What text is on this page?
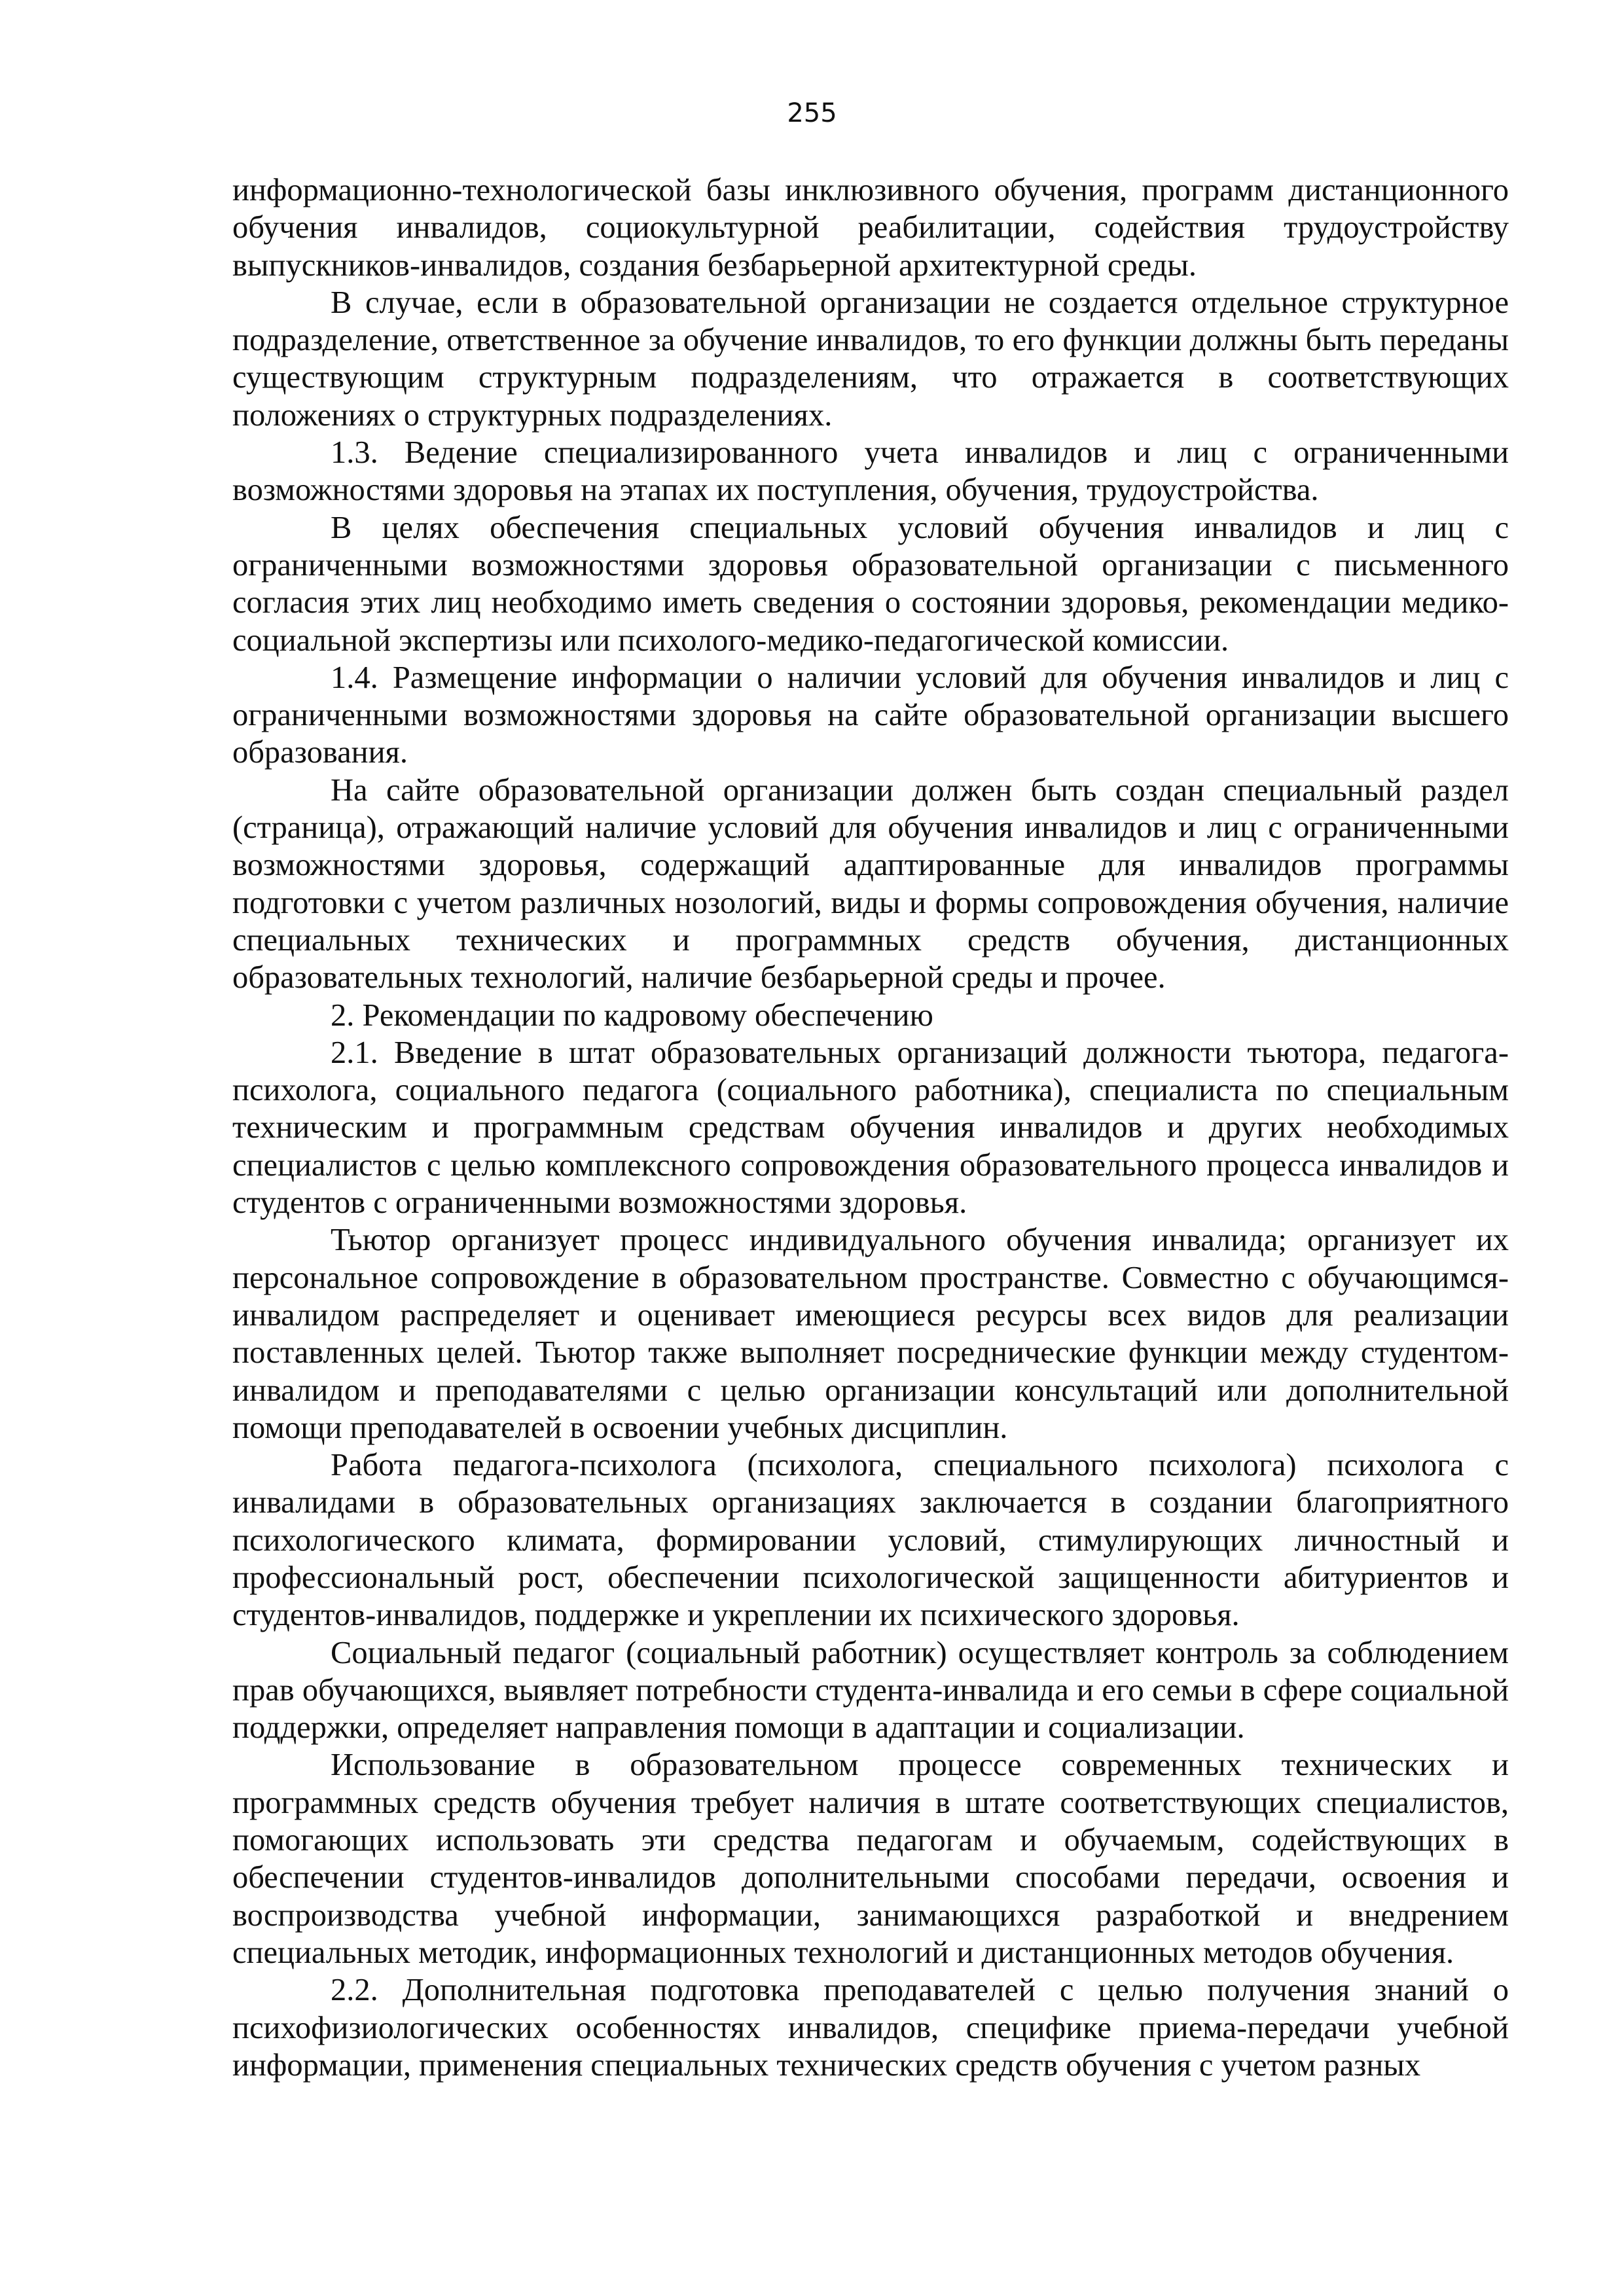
255

информационно-технологической базы инклюзивного обучения, программ дистанционного обучения инвалидов, социокультурной реабилитации, содействия трудоустройству выпускников-инвалидов, создания безбарьерной архитектурной среды.

В случае, если в образовательной организации не создается отдельное структурное подразделение, ответственное за обучение инвалидов, то его функции должны быть переданы существующим структурным подразделениям, что отражается в соответствующих положениях о структурных подразделениях.

1.3. Ведение специализированного учета инвалидов и лиц с ограниченными возможностями здоровья на этапах их поступления, обучения, трудоустройства.

В целях обеспечения специальных условий обучения инвалидов и лиц с ограниченными возможностями здоровья образовательной организации с письменного согласия этих лиц необходимо иметь сведения о состоянии здоровья, рекомендации медико-социальной экспертизы или психолого-медико-педагогической комиссии.

1.4. Размещение информации о наличии условий для обучения инвалидов и лиц с ограниченными возможностями здоровья на сайте образовательной организации высшего образования.

На сайте образовательной организации должен быть создан специальный раздел (страница), отражающий наличие условий для обучения инвалидов и лиц с ограниченными возможностями здоровья, содержащий адаптированные для инвалидов программы подготовки с учетом различных нозологий, виды и формы сопровождения обучения, наличие специальных технических и программных средств обучения, дистанционных образовательных технологий, наличие безбарьерной среды и прочее.

2. Рекомендации по кадровому обеспечению

2.1. Введение в штат образовательных организаций должности тьютора, педагога-психолога, социального педагога (социального работника), специалиста по специальным техническим и программным средствам обучения инвалидов и других необходимых специалистов с целью комплексного сопровождения образовательного процесса инвалидов и студентов с ограниченными возможностями здоровья.

Тьютор организует процесс индивидуального обучения инвалида; организует их персональное сопровождение в образовательном пространстве. Совместно с обучающимся-инвалидом распределяет и оценивает имеющиеся ресурсы всех видов для реализации поставленных целей. Тьютор также выполняет посреднические функции между студентом-инвалидом и преподавателями с целью организации консультаций или дополнительной помощи преподавателей в освоении учебных дисциплин.

Работа педагога-психолога (психолога, специального психолога) психолога с инвалидами в образовательных организациях заключается в создании благоприятного психологического климата, формировании условий, стимулирующих личностный и профессиональный рост, обеспечении психологической защищенности абитуриентов и студентов-инвалидов, поддержке и укреплении их психического здоровья.

Социальный педагог (социальный работник) осуществляет контроль за соблюдением прав обучающихся, выявляет потребности студента-инвалида и его семьи в сфере социальной поддержки, определяет направления помощи в адаптации и социализации.

Использование в образовательном процессе современных технических и программных средств обучения требует наличия в штате соответствующих специалистов, помогающих использовать эти средства педагогам и обучаемым, содействующих в обеспечении студентов-инвалидов дополнительными способами передачи, освоения и воспроизводства учебной информации, занимающихся разработкой и внедрением специальных методик, информационных технологий и дистанционных методов обучения.

2.2. Дополнительная подготовка преподавателей с целью получения знаний о психофизиологических особенностях инвалидов, специфике приема-передачи учебной информации, применения специальных технических средств обучения с учетом разных
